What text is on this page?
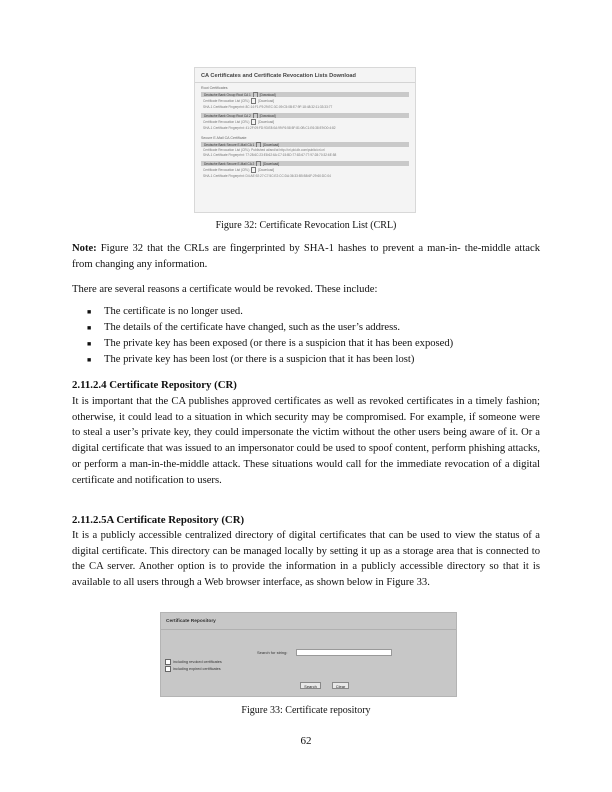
CA Certificates and Certificate Revocation Lists Download
Root Certificates
Deutsche Bank Group Root CA 1	[Download]
Certificate Revocation List (CRL)	[Download]
SHA-1 Certificate Fingerprint: 8C:14:F1:F9:29:EC:3C:09:C5:0B:E7:9F:18:48:32:11:33:33:77
Deutsche Bank Group Root CA 2	[Download]
Certificate Revocation List (CRL)	[Download]
SHA-1 Certificate Fingerprint: 41:2F:09:FD:93:E8:0A:99:F6:58:5F:81:0B:C1:E6:38:E9:D0:4:82
Secure E-Mail CA Certificate
Deutsche Bank Secure E-Mail CA 1	[Download]
Certificate Revocation List (CRL): Published at/and/at http://crl.pki.db.com/public/crl.crl
SHA-1 Certificate Fingerprint: 77:28:6C:23:E8:62:6A:C7:15:BD:77:83:67:77:97:28:70:32:6E:58
Deutsche Bank Secure E-Mail CA 2	[Download]
Certificate Revocation List (CRL)	[Download]
SHA-1 Certificate Fingerprint: D4:AE:92:27:C7:5C:E2:CC:DA:36:33:B5:B8:6F:29:60:DC:04
Figure 32: Certificate Revocation List (CRL)

Note: Figure 32 that the CRLs are fingerprinted by SHA-1 hashes to prevent a man-in- the-middle attack from changing any information.

There are several reasons a certificate would be revoked. These include:

■ The certificate is no longer used.
■ The details of the certificate have changed, such as the user’s address.
■ The private key has been exposed (or there is a suspicion that it has been exposed)
■ The private key has been lost (or there is a suspicion that it has been lost)
2.11.2.4 Certificate Repository (CR)

It is important that the CA publishes approved certificates as well as revoked certificates in a timely fashion; otherwise, it could lead to a situation in which security may be compromised. For example, if someone were to steal a user’s private key, they could impersonate the victim without the other users being aware of it. Or a digital certificate that was issued to an impersonator could be used to spoof content, perform phishing attacks, or perform a man-in-the-middle attack. These situations would call for the immediate revocation of a digital certificate and notification to users.

2.11.2.5A Certificate Repository (CR)

It is a publicly accessible centralized directory of digital certificates that can be used to view the status of a digital certificate. This directory can be managed locally by setting it up as a storage area that is connected to the CA server. Another option is to provide the information in a publicly accessible directory so that it is available to all users through a Web browser interface, as shown below in Figure 33.

Certificate Repository
Search for string:
including revoked certificates
including expired certificates
Search	Clear
Figure 33: Certificate repository
62
